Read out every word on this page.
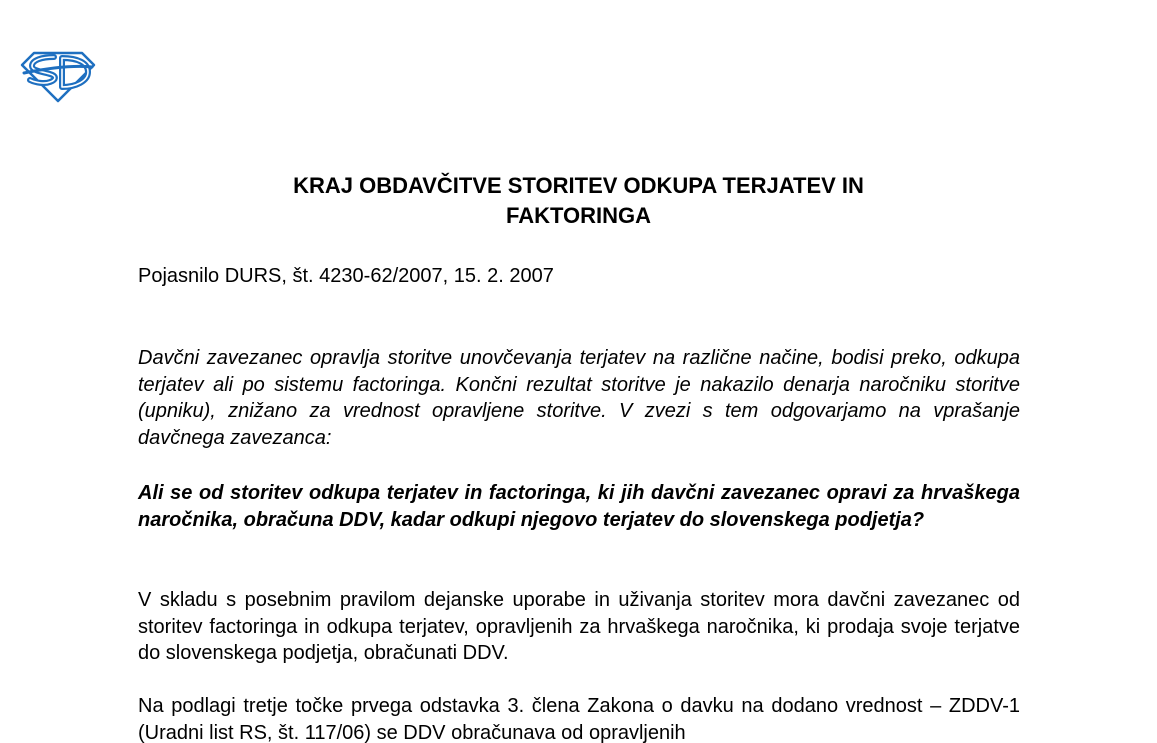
KRAJ OBDAVČITVE STORITEV ODKUPA TERJATEV IN
FAKTORINGA

Pojasnilo DURS, št. 4230-62/2007, 15. 2. 2007

Davčni zavezanec opravlja storitve unovčevanja terjatev na različne načine, bodisi preko, odkupa terjatev ali po sistemu factoringa. Končni rezultat storitve je nakazilo denarja naročniku storitve (upniku), znižano za vrednost opravljene storitve. V zvezi s tem odgovarjamo na vprašanje davčnega zavezanca:

Ali se od storitev odkupa terjatev in factoringa, ki jih davčni zavezanec opravi za hrvaškega naročnika, obračuna DDV, kadar odkupi njegovo terjatev do slovenskega podjetja?

V skladu s posebnim pravilom dejanske uporabe in uživanja storitev mora davčni zavezanec od storitev factoringa in odkupa terjatev, opravljenih za hrvaškega naročnika, ki prodaja svoje terjatve do slovenskega podjetja, obračunati DDV.

Na podlagi tretje točke prvega odstavka 3. člena Zakona o davku na dodano vrednost – ZDDV-1 (Uradni list RS, št. 117/06) se DDV obračunava od opravljenih
